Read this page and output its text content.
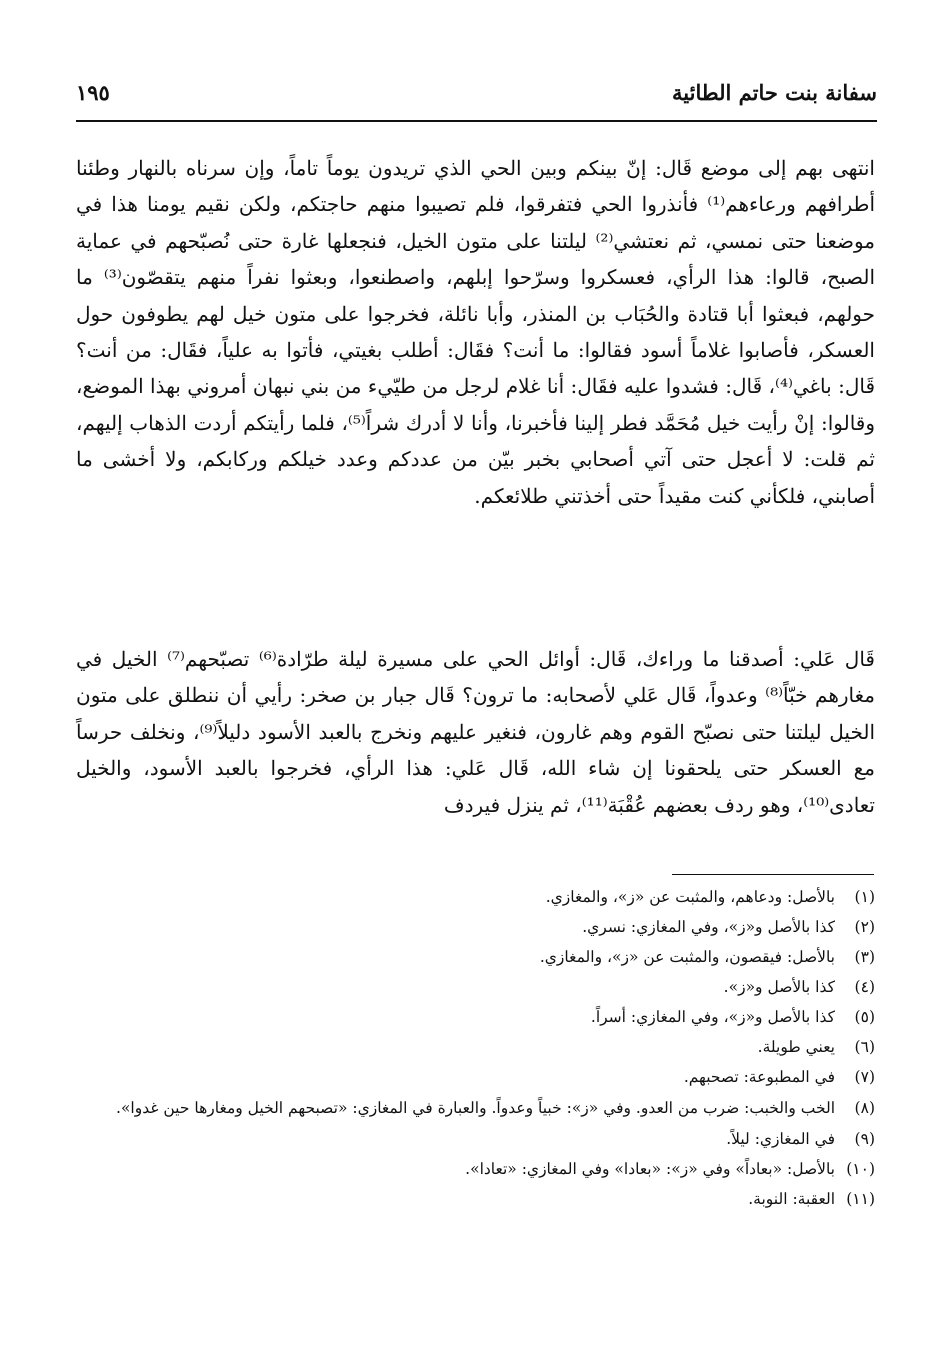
سفانة بنت حاتم الطائية
١٩٥

انتهى بهم إلى موضع قَال: إنّ بينكم وبين الحي الذي تريدون يوماً تاماً، وإن سرناه بالنهار وطئنا أطرافهم ورعاءهم⁽¹⁾ فأنذروا الحي فتفرقوا، فلم تصيبوا منهم حاجتكم، ولكن نقيم يومنا هذا في موضعنا حتى نمسي، ثم نعتشي⁽²⁾ ليلتنا على متون الخيل، فنجعلها غارة حتى نُصبّحهم في عماية الصبح، قالوا: هذا الرأي، فعسكروا وسرّحوا إبلهم، واصطنعوا، وبعثوا نفراً منهم يتقصّون⁽³⁾ ما حولهم، فبعثوا أبا قتادة والحُبَاب بن المنذر، وأبا نائلة، فخرجوا على متون خيل لهم يطوفون حول العسكر، فأصابوا غلاماً أسود فقالوا: ما أنت؟ فقَال: أطلب بغيتي، فأتوا به علياً، فقَال: من أنت؟ قَال: باغي⁽⁴⁾، قَال: فشدوا عليه فقَال: أنا غلام لرجل من طيّيء من بني نبهان أمروني بهذا الموضع، وقالوا: إنْ رأيت خيل مُحَمَّد فطر إلينا فأخبرنا، وأنا لا أدرك شراً⁽⁵⁾، فلما رأيتكم أردت الذهاب إليهم، ثم قلت: لا أعجل حتى آتي أصحابي بخبر بيّن من عددكم وعدد خيلكم وركابكم، ولا أخشى ما أصابني، فلكأني كنت مقيداً حتى أخذتني طلائعكم.

قَال عَلي: أصدقنا ما وراءك، قَال: أوائل الحي على مسيرة ليلة طرّادة⁽⁶⁾ تصبّحهم⁽⁷⁾ الخيل في مغارهم خبّاً⁽⁸⁾ وعدواً، قَال عَلي لأصحابه: ما ترون؟ قَال جبار بن صخر: رأيي أن ننطلق على متون الخيل ليلتنا حتى نصبّح القوم وهم غارون، فنغير عليهم ونخرج بالعبد الأسود دليلاً⁽⁹⁾، ونخلف حرساً مع العسكر حتى يلحقونا إن شاء الله، قَال عَلي: هذا الرأي، فخرجوا بالعبد الأسود، والخيل تعادى⁽¹⁰⁾، وهو ردف بعضهم عُقْبَة⁽¹¹⁾، ثم ينزل فيردف

(١)
بالأصل: ودعاهم، والمثبت عن «ز»، والمغازي.
(٢)
كذا بالأصل و«ز»، وفي المغازي: نسري.
(٣)
بالأصل: فيقصون، والمثبت عن «ز»، والمغازي.
(٤)
كذا بالأصل و«ز».
(٥)
كذا بالأصل و«ز»، وفي المغازي: أسراً.
(٦)
يعني طويلة.
(٧)
في المطبوعة: تصحبهم.
(٨)
الخب والخبب: ضرب من العدو. وفي «ز»: خبياً وعدواً. والعبارة في المغازي: «تصبحهم الخيل ومغارها حين غدوا».
(٩)
في المغازي: ليلاً.
(١٠)
بالأصل: «بعاداً» وفي «ز»: «بعادا» وفي المغازي: «تعادا».
(١١)
العقبة: النوبة.
